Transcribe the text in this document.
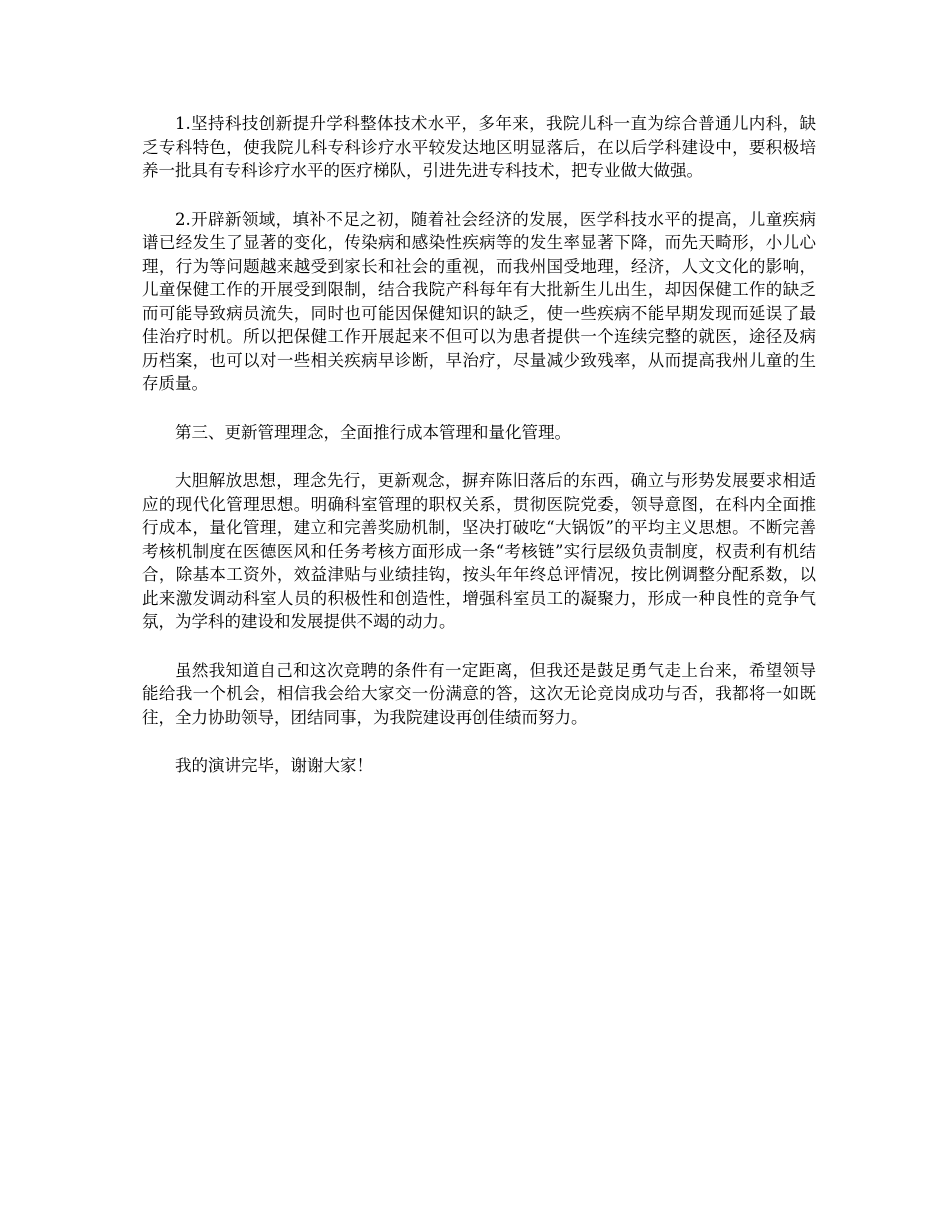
1.坚持科技创新提升学科整体技术水平，多年来，我院儿科一直为综合普通儿内科，缺乏专科特色，使我院儿科专科诊疗水平较发达地区明显落后，在以后学科建设中，要积极培养一批具有专科诊疗水平的医疗梯队，引进先进专科技术，把专业做大做强。

2.开辟新领域，填补不足之初，随着社会经济的发展，医学科技水平的提高，儿童疾病谱已经发生了显著的变化，传染病和感染性疾病等的发生率显著下降，而先天畸形，小儿心理，行为等问题越来越受到家长和社会的重视，而我州国受地理，经济，人文文化的影响，儿童保健工作的开展受到限制，结合我院产科每年有大批新生儿出生，却因保健工作的缺乏而可能导致病员流失，同时也可能因保健知识的缺乏，使一些疾病不能早期发现而延误了最佳治疗时机。所以把保健工作开展起来不但可以为患者提供一个连续完整的就医，途径及病历档案，也可以对一些相关疾病早诊断，早治疗，尽量减少致残率，从而提高我州儿童的生存质量。

第三、更新管理理念，全面推行成本管理和量化管理。

大胆解放思想，理念先行，更新观念，摒弃陈旧落后的东西，确立与形势发展要求相适应的现代化管理思想。明确科室管理的职权关系，贯彻医院党委，领导意图，在科内全面推行成本，量化管理，建立和完善奖励机制，坚决打破吃“大锅饭”的平均主义思想。不断完善考核机制度在医德医风和任务考核方面形成一条“考核链”实行层级负责制度，权责利有机结合，除基本工资外，效益津贴与业绩挂钩，按头年年终总评情况，按比例调整分配系数，以此来激发调动科室人员的积极性和创造性，增强科室员工的凝聚力，形成一种良性的竞争气氛，为学科的建设和发展提供不竭的动力。

虽然我知道自己和这次竞聘的条件有一定距离，但我还是鼓足勇气走上台来，希望领导能给我一个机会，相信我会给大家交一份满意的答，这次无论竞岗成功与否，我都将一如既往，全力协助领导，团结同事，为我院建设再创佳绩而努力。

我的演讲完毕，谢谢大家！
